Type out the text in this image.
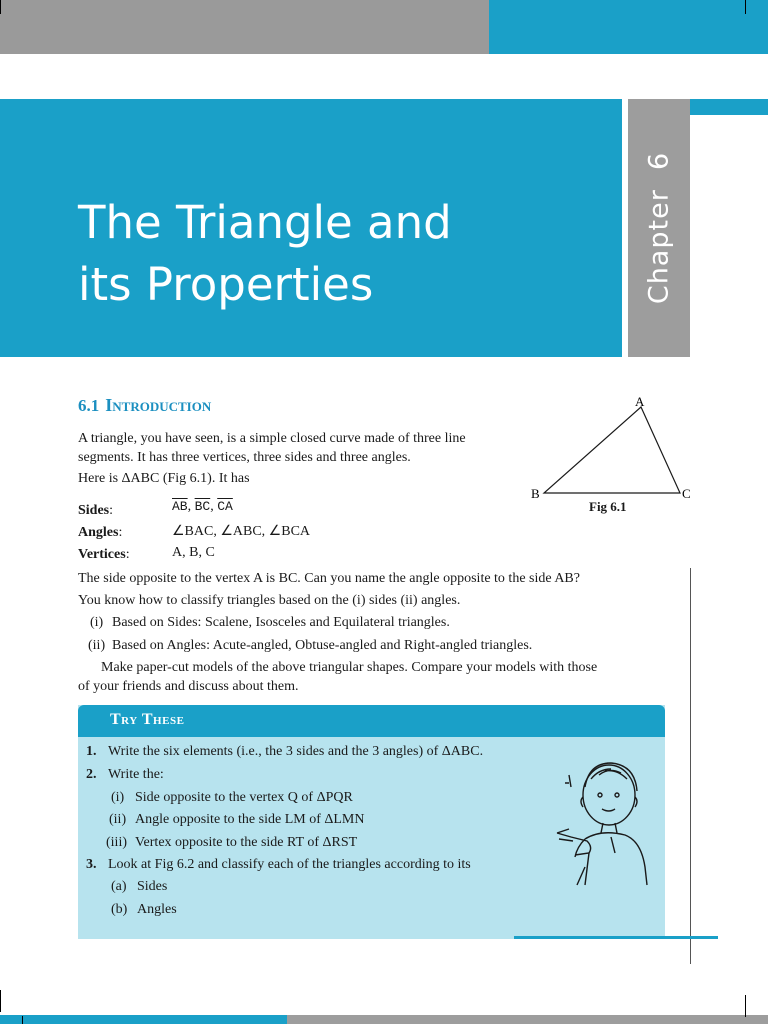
Chapter  6
The Triangle and
its Properties
6.1 Introduction

A triangle, you have seen, is a simple closed curve made of three line

segments. It has three vertices, three sides and three angles.

Here is ΔABC (Fig 6.1). It has

A
B	C
Fig 6.1
Sides:	$\overline{AB}$, $\overline{BC}$, $\overline{CA}$
Angles:	∠BAC, ∠ABC, ∠BCA
Vertices:	A, B, C

The side opposite to the vertex A is BC. Can you name the angle opposite to the side AB?

You know how to classify triangles based on the (i) sides (ii) angles.

(i) Based on Sides: Scalene, Isosceles and Equilateral triangles.
(ii) Based on Angles: Acute-angled, Obtuse-angled and Right-angled triangles.

Make paper-cut models of the above triangular shapes. Compare your models with those

of your friends and discuss about them.

Try These
1. Write the six elements (i.e., the 3 sides and the 3 angles) of ΔABC.
2. Write the:
(i) Side opposite to the vertex Q of ΔPQR
(ii) Angle opposite to the side LM of ΔLMN
(iii) Vertex opposite to the side RT of ΔRST
3. Look at Fig 6.2 and classify each of the triangles according to its
(a) Sides
(b) Angles
